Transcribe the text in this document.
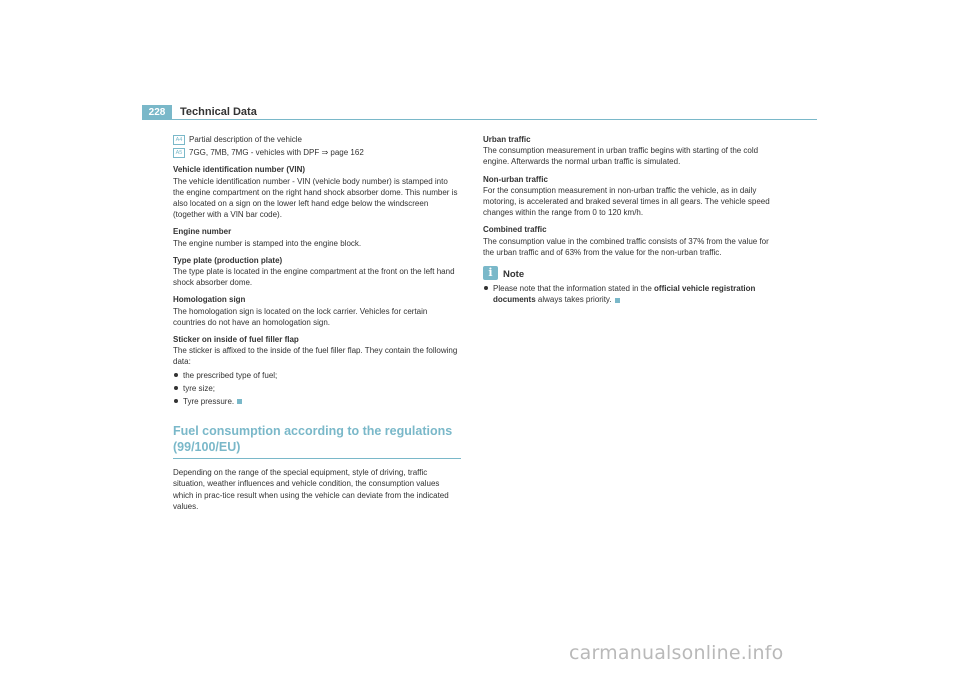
228	Technical Data
A4 Partial description of the vehicle
A5 7GG, 7MB, 7MG - vehicles with DPF ⇒ page 162

Vehicle identification number (VIN)

The vehicle identification number - VIN (vehicle body number) is stamped into the engine compartment on the right hand shock absorber dome. This number is also located on a sign on the lower left hand edge below the windscreen (together with a VIN bar code).

Engine number

The engine number is stamped into the engine block.

Type plate (production plate)

The type plate is located in the engine compartment at the front on the left hand shock absorber dome.

Homologation sign

The homologation sign is located on the lock carrier. Vehicles for certain countries do not have an homologation sign.

Sticker on inside of fuel filler flap

The sticker is affixed to the inside of the fuel filler flap. They contain the following data:

the prescribed type of fuel;
tyre size;
Tyre pressure.
Fuel consumption according to the regulations (99/100/EU)

Depending on the range of the special equipment, style of driving, traffic situation, weather influences and vehicle condition, the consumption values which in prac-tice result when using the vehicle can deviate from the indicated values.

Urban traffic

The consumption measurement in urban traffic begins with starting of the cold engine. Afterwards the normal urban traffic is simulated.

Non-urban traffic

For the consumption measurement in non-urban traffic the vehicle, as in daily motoring, is accelerated and braked several times in all gears. The vehicle speed changes within the range from 0 to 120 km/h.

Combined traffic

The consumption value in the combined traffic consists of 37% from the value for the urban traffic and of 63% from the value for the non-urban traffic.

i	Note
Please note that the information stated in the official vehicle registration documents always takes priority.
carmanualsonline.info
